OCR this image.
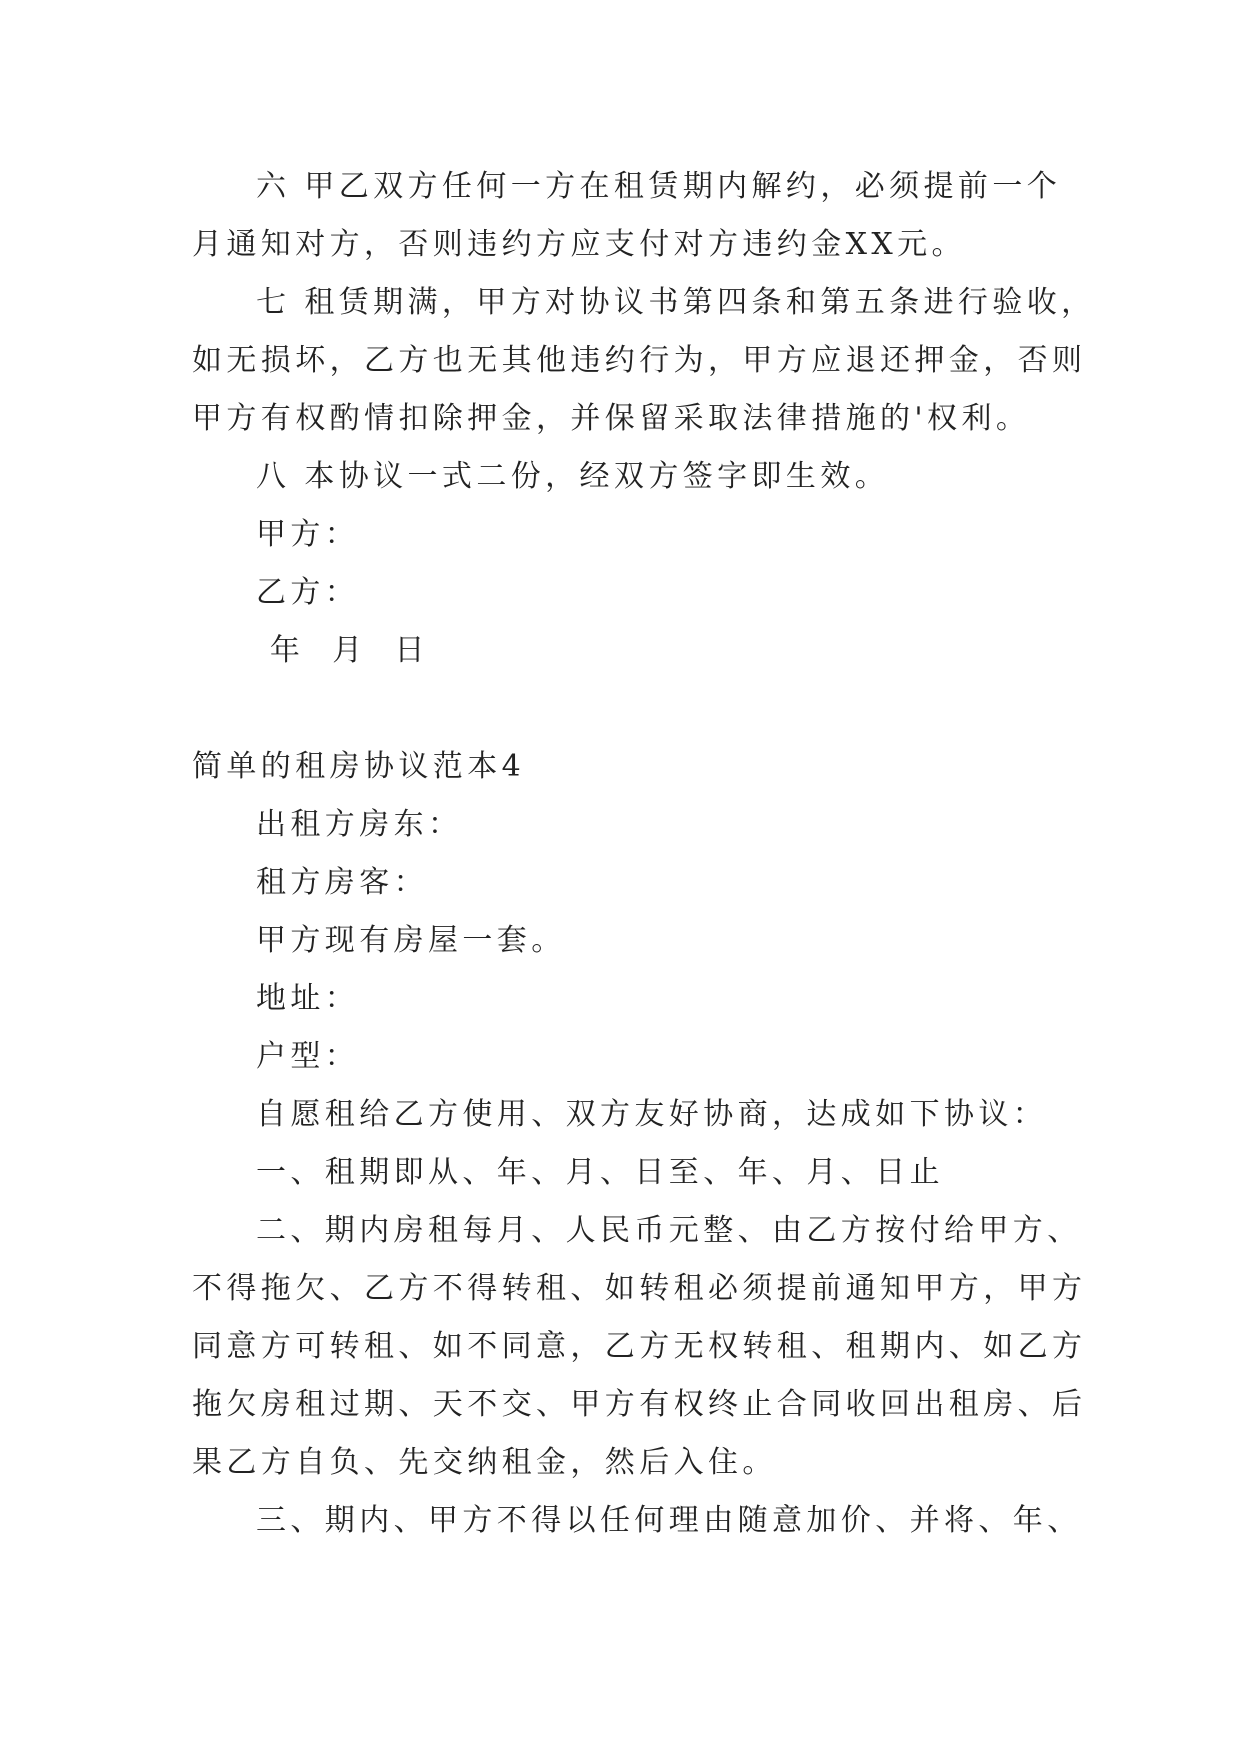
六 甲乙双方任何一方在租赁期内解约，必须提前一个

月通知对方，否则违约方应支付对方违约金XX元。

七 租赁期满，甲方对协议书第四条和第五条进行验收，

如无损坏，乙方也无其他违约行为，甲方应退还押金，否则

甲方有权酌情扣除押金，并保留采取法律措施的'权利。

八 本协议一式二份，经双方签字即生效。

甲方：

乙方：

年  月  日

简单的租房协议范本4

出租方房东：

租方房客：

甲方现有房屋一套。

地址：

户型：

自愿租给乙方使用、双方友好协商，达成如下协议：

一、租期即从、年、月、日至、年、月、日止

二、期内房租每月、人民币元整、由乙方按付给甲方、

不得拖欠、乙方不得转租、如转租必须提前通知甲方，甲方

同意方可转租、如不同意，乙方无权转租、租期内、如乙方

拖欠房租过期、天不交、甲方有权终止合同收回出租房、后

果乙方自负、先交纳租金，然后入住。

三、期内、甲方不得以任何理由随意加价、并将、年、
